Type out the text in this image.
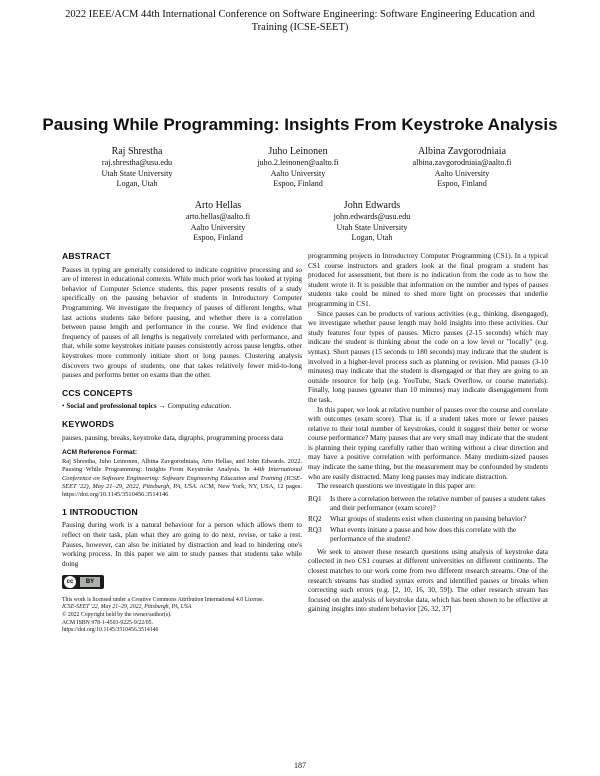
2022 IEEE/ACM 44th International Conference on Software Engineering: Software Engineering Education and Training (ICSE-SEET)
Pausing While Programming: Insights From Keystroke Analysis
Raj Shrestha
raj.shrestha@usu.edu
Utah State University
Logan, Utah
Juho Leinonen
juho.2.leinonen@aalto.fi
Aalto University
Espoo, Finland
Albina Zavgorodniaia
albina.zavgorodniaia@aalto.fi
Aalto University
Espoo, Finland
Arto Hellas
arto.hellas@aalto.fi
Aalto University
Espoo, Finland
John Edwards
john.edwards@usu.edu
Utah State University
Logan, Utah
ABSTRACT

Pauses in typing are generally considered to indicate cognitive processing and so are of interest in educational contexts. While much prior work has looked at typing behavior of Computer Science students, this paper presents results of a study specifically on the pausing behavior of students in Introductory Computer Programming. We investigate the frequency of pauses of different lengths, what last actions students take before pausing, and whether there is a correlation between pause length and performance in the course. We find evidence that frequency of pauses of all lengths is negatively correlated with performance, and that, while some keystrokes initiate pauses consistently across pause lengths, other keystrokes more commonly initiate short or long pauses. Clustering analysis discovers two groups of students, one that takes relatively fewer mid-to-long pauses and performs better on exams than the other.

CCS CONCEPTS

• Social and professional topics → Computing education.

KEYWORDS

pauses, pausing, breaks, keystroke data, digraphs, programming process data

ACM Reference Format:

Raj Shrestha, Juho Leinonen, Albina Zavgorodniaia, Arto Hellas, and John Edwards. 2022. Pausing While Programming: Insights From Keystroke Analysis. In 44th International Conference on Software Engineering: Software Engineering Education and Training (ICSE-SEET '22), May 21–29, 2022, Pittsburgh, PA, USA. ACM, New York, NY, USA, 12 pages. https://doi.org/10.1145/3510456.3514146

1 INTRODUCTION

Pausing during work is a natural behaviour for a person which allows them to reflect on their task, plan what they are going to do next, revise, or take a rest. Pauses, however, can also be initiated by distraction and lead to hindering one's working process. In this paper we aim to study pauses that students take while doing

cc	BY
This work is licensed under a Creative Commons Attribution International 4.0 License.
ICSE-SEET '22, May 21–29, 2022, Pittsburgh, PA, USA
© 2022 Copyright held by the owner/author(s).
ACM ISBN 978-1-4503-9225-9/22/05.
https://doi.org/10.1145/3510456.3514146

programming projects in Introductory Computer Programming (CS1). In a typical CS1 course instructors and graders look at the final program a student has produced for assessment, but there is no indication from the code as to how the student wrote it. It is possible that information on the number and types of pauses students take could be mined to shed more light on processes that underlie programming in CS1.

Since pauses can be products of various activities (e.g., thinking, disengaged), we investigate whether pause length may hold insights into these activities. Our study features four types of pauses. Micro pauses (2-15 seconds) which may indicate the student is thinking about the code on a low level or "locally" (e.g. syntax). Short pauses (15 seconds to 180 seconds) may indicate that the student is involved in a higher-level process such as planning or revision. Mid pauses (3-10 minutes) may indicate that the student is disengaged or that they are going to an outside resource for help (e.g. YouTube, Stack Overflow, or course materials). Finally, long pauses (greater than 10 minutes) may indicate disengagement from the task.

In this paper, we look at relative number of pauses over the course and correlate with outcomes (exam score). That is, if a student takes more or fewer pauses relative to their total number of keystrokes, could it suggest their better or worse course performance? Many pauses that are very small may indicate that the student is planning their typing carefully rather than writing without a clear direction and may have a positive correlation with performance. Many medium-sized pauses may indicate the same thing, but the measurement may be confounded by students who are easily distracted. Many long pauses may indicate distraction.

The research questions we investigate in this paper are:

RQ1	Is there a correlation between the relative number of pauses a student takes and their performance (exam score)?
RQ2	What groups of students exist when clustering on pausing behavior?
RQ3	What events initiate a pause and how does this correlate with the performance of the student?

We seek to answer these research questions using analysis of keystroke data collected in two CS1 courses at different universities on different continents. The closest matches to our work come from two different research streams. One of the research streams has studied syntax errors and identified pauses or breaks when correcting such errors (e.g. [2, 10, 16, 30, 59]). The other research stream has focused on the analysis of keystroke data, which has been shown to be effective at gaining insights into student behavior [26, 32, 37]

187
